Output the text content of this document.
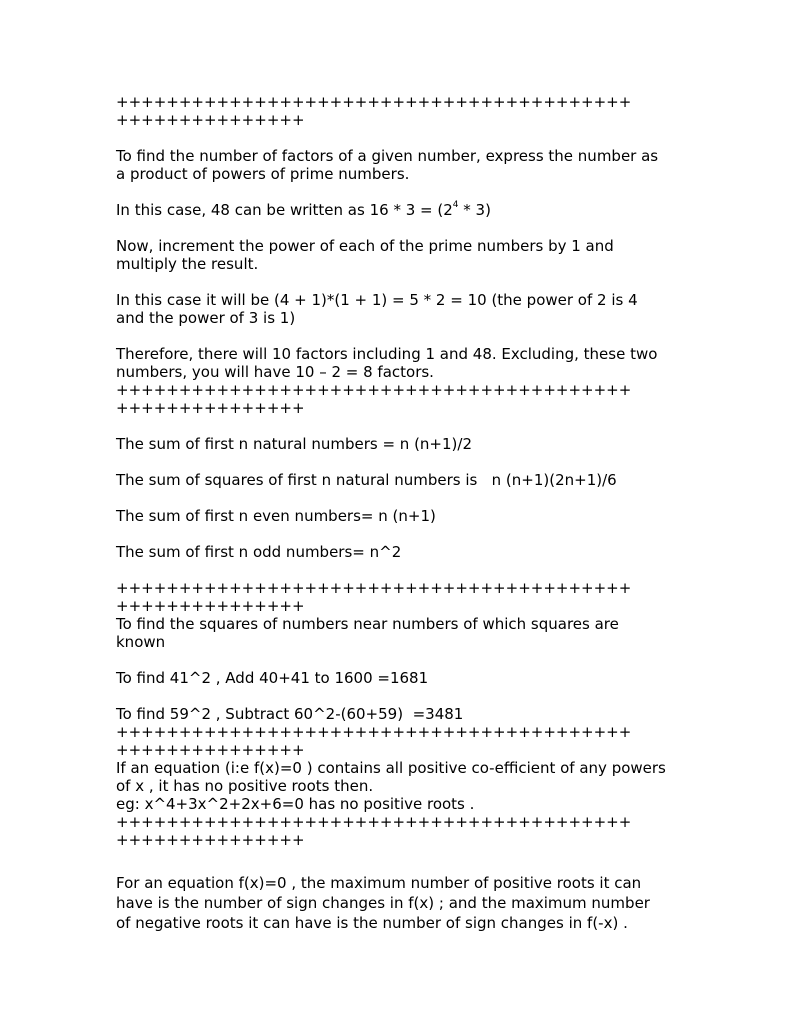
+++++++++++++++++++++++++++++++++++++++++
+++++++++++++++
To find the number of factors of a given number, express the number as
a product of powers of prime numbers.
In this case, 48 can be written as $16 * 3 = (2^4 * 3)$
Now, increment the power of each of the prime numbers by 1 and
multiply the result.
In this case it will be (4 + 1)*(1 + 1) = 5 * 2 = 10 (the power of 2 is 4
and the power of 3 is 1)
Therefore, there will 10 factors including 1 and 48. Excluding, these two
numbers, you will have 10 – 2 = 8 factors.
+++++++++++++++++++++++++++++++++++++++++
+++++++++++++++
The sum of first n natural numbers = n (n+1)/2
The sum of squares of first n natural numbers is   n (n+1)(2n+1)/6
The sum of first n even numbers= n (n+1)
The sum of first n odd numbers= n^2
+++++++++++++++++++++++++++++++++++++++++
+++++++++++++++
To find the squares of numbers near numbers of which squares are
known
To find 41^2 , Add 40+41 to 1600 =1681
To find 59^2 , Subtract 60^2-(60+59)  =3481
+++++++++++++++++++++++++++++++++++++++++
+++++++++++++++
If an equation (i:e f(x)=0 ) contains all positive co-efficient of any powers
of x , it has no positive roots then.
eg: x^4+3x^2+2x+6=0 has no positive roots .
+++++++++++++++++++++++++++++++++++++++++
+++++++++++++++
For an equation f(x)=0 , the maximum number of positive roots it can
have is the number of sign changes in f(x) ; and the maximum number
of negative roots it can have is the number of sign changes in f(-x) .
